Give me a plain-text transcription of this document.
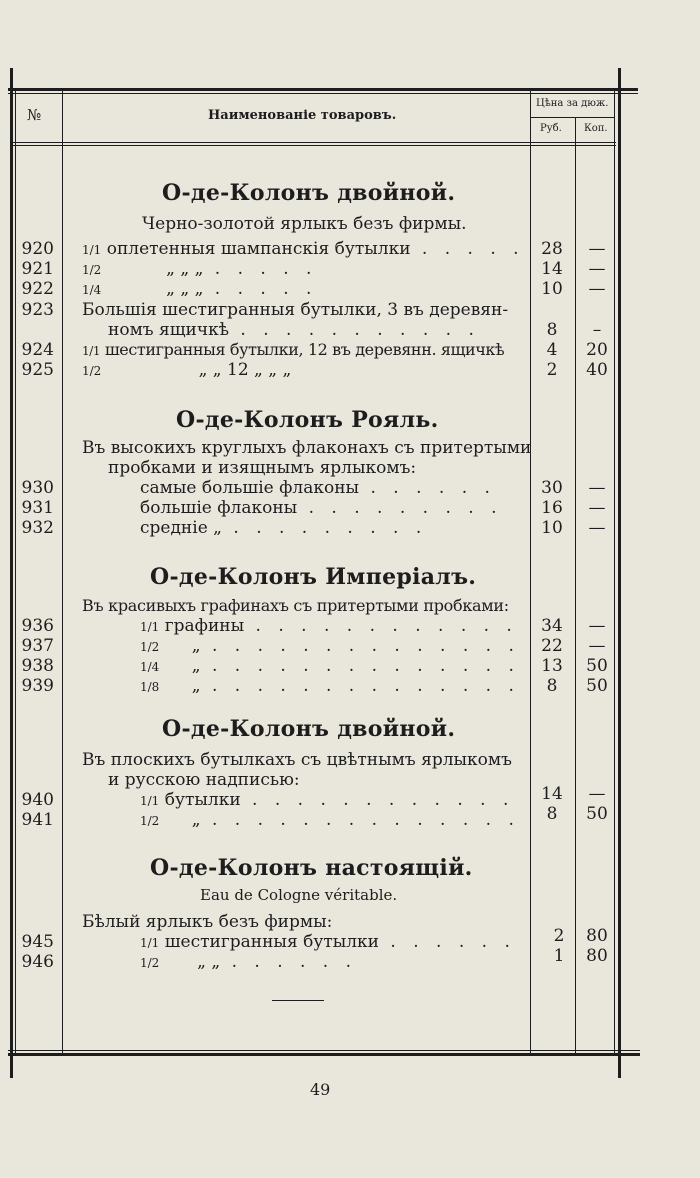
№	Наименованіе товаровъ.
Цѣна за дюж.
Руб. Коп.
О-де-Колонъ двойной.
Черно-золотой ярлыкъ безъ фирмы.
920 1/1 оплетенныя шампанскія бутылки . . . . . 28	—
921 1/2	„ „ „ . . . . .	14	—
922 1/4	„ „ „ . . . . .	10	—
923 Большія шестигранныя бутылки, 3 въ деревян-
номъ ящичкѣ . . . . . . . . . . .	8	–
924 1/1 шестигранныя бутылки, 12 въ деревянн. ящичкѣ	4	20
925 1/2	„ „ 12 „ „ „	2	40
О-де-Колонъ Рояль.
Въ высокихъ круглыхъ флаконахъ съ притертыми
пробками и изящнымъ ярлыкомъ:
930	самые большіе флаконы . . . . . .	30	—
931	большіе флаконы . . . . . . . . .	16	—
932	средніе „ . . . . . . . . .	10	—
О-де-Колонъ Имперіалъ.
Въ красивыхъ графинахъ съ притертыми пробками:
936	1/1 графины . . . . . . . . . . . .	34	—
937	1/2 „ . . . . . . . . . . . . . .	22	—
938	1/4 „ . . . . . . . . . . . . . .	13	50
939	1/8 „ . . . . . . . . . . . . . .	8	50
О-де-Колонъ двойной.
Въ плоскихъ бутылкахъ съ цвѣтнымъ ярлыкомъ
и русскою надписью:
940	1/1 бутылки . . . . . . . . . . . .	14	—
941	1/2 „ . . . . . . . . . . . . . .	8	50
О-де-Колонъ настоящій.
Eau de Cologne véritable.
Бѣлый ярлыкъ безъ фирмы:
945	1/1 шестигранныя бутылки . . . . . .	2	80
946	1/2 „ „ . . . . . .	1	80
49
